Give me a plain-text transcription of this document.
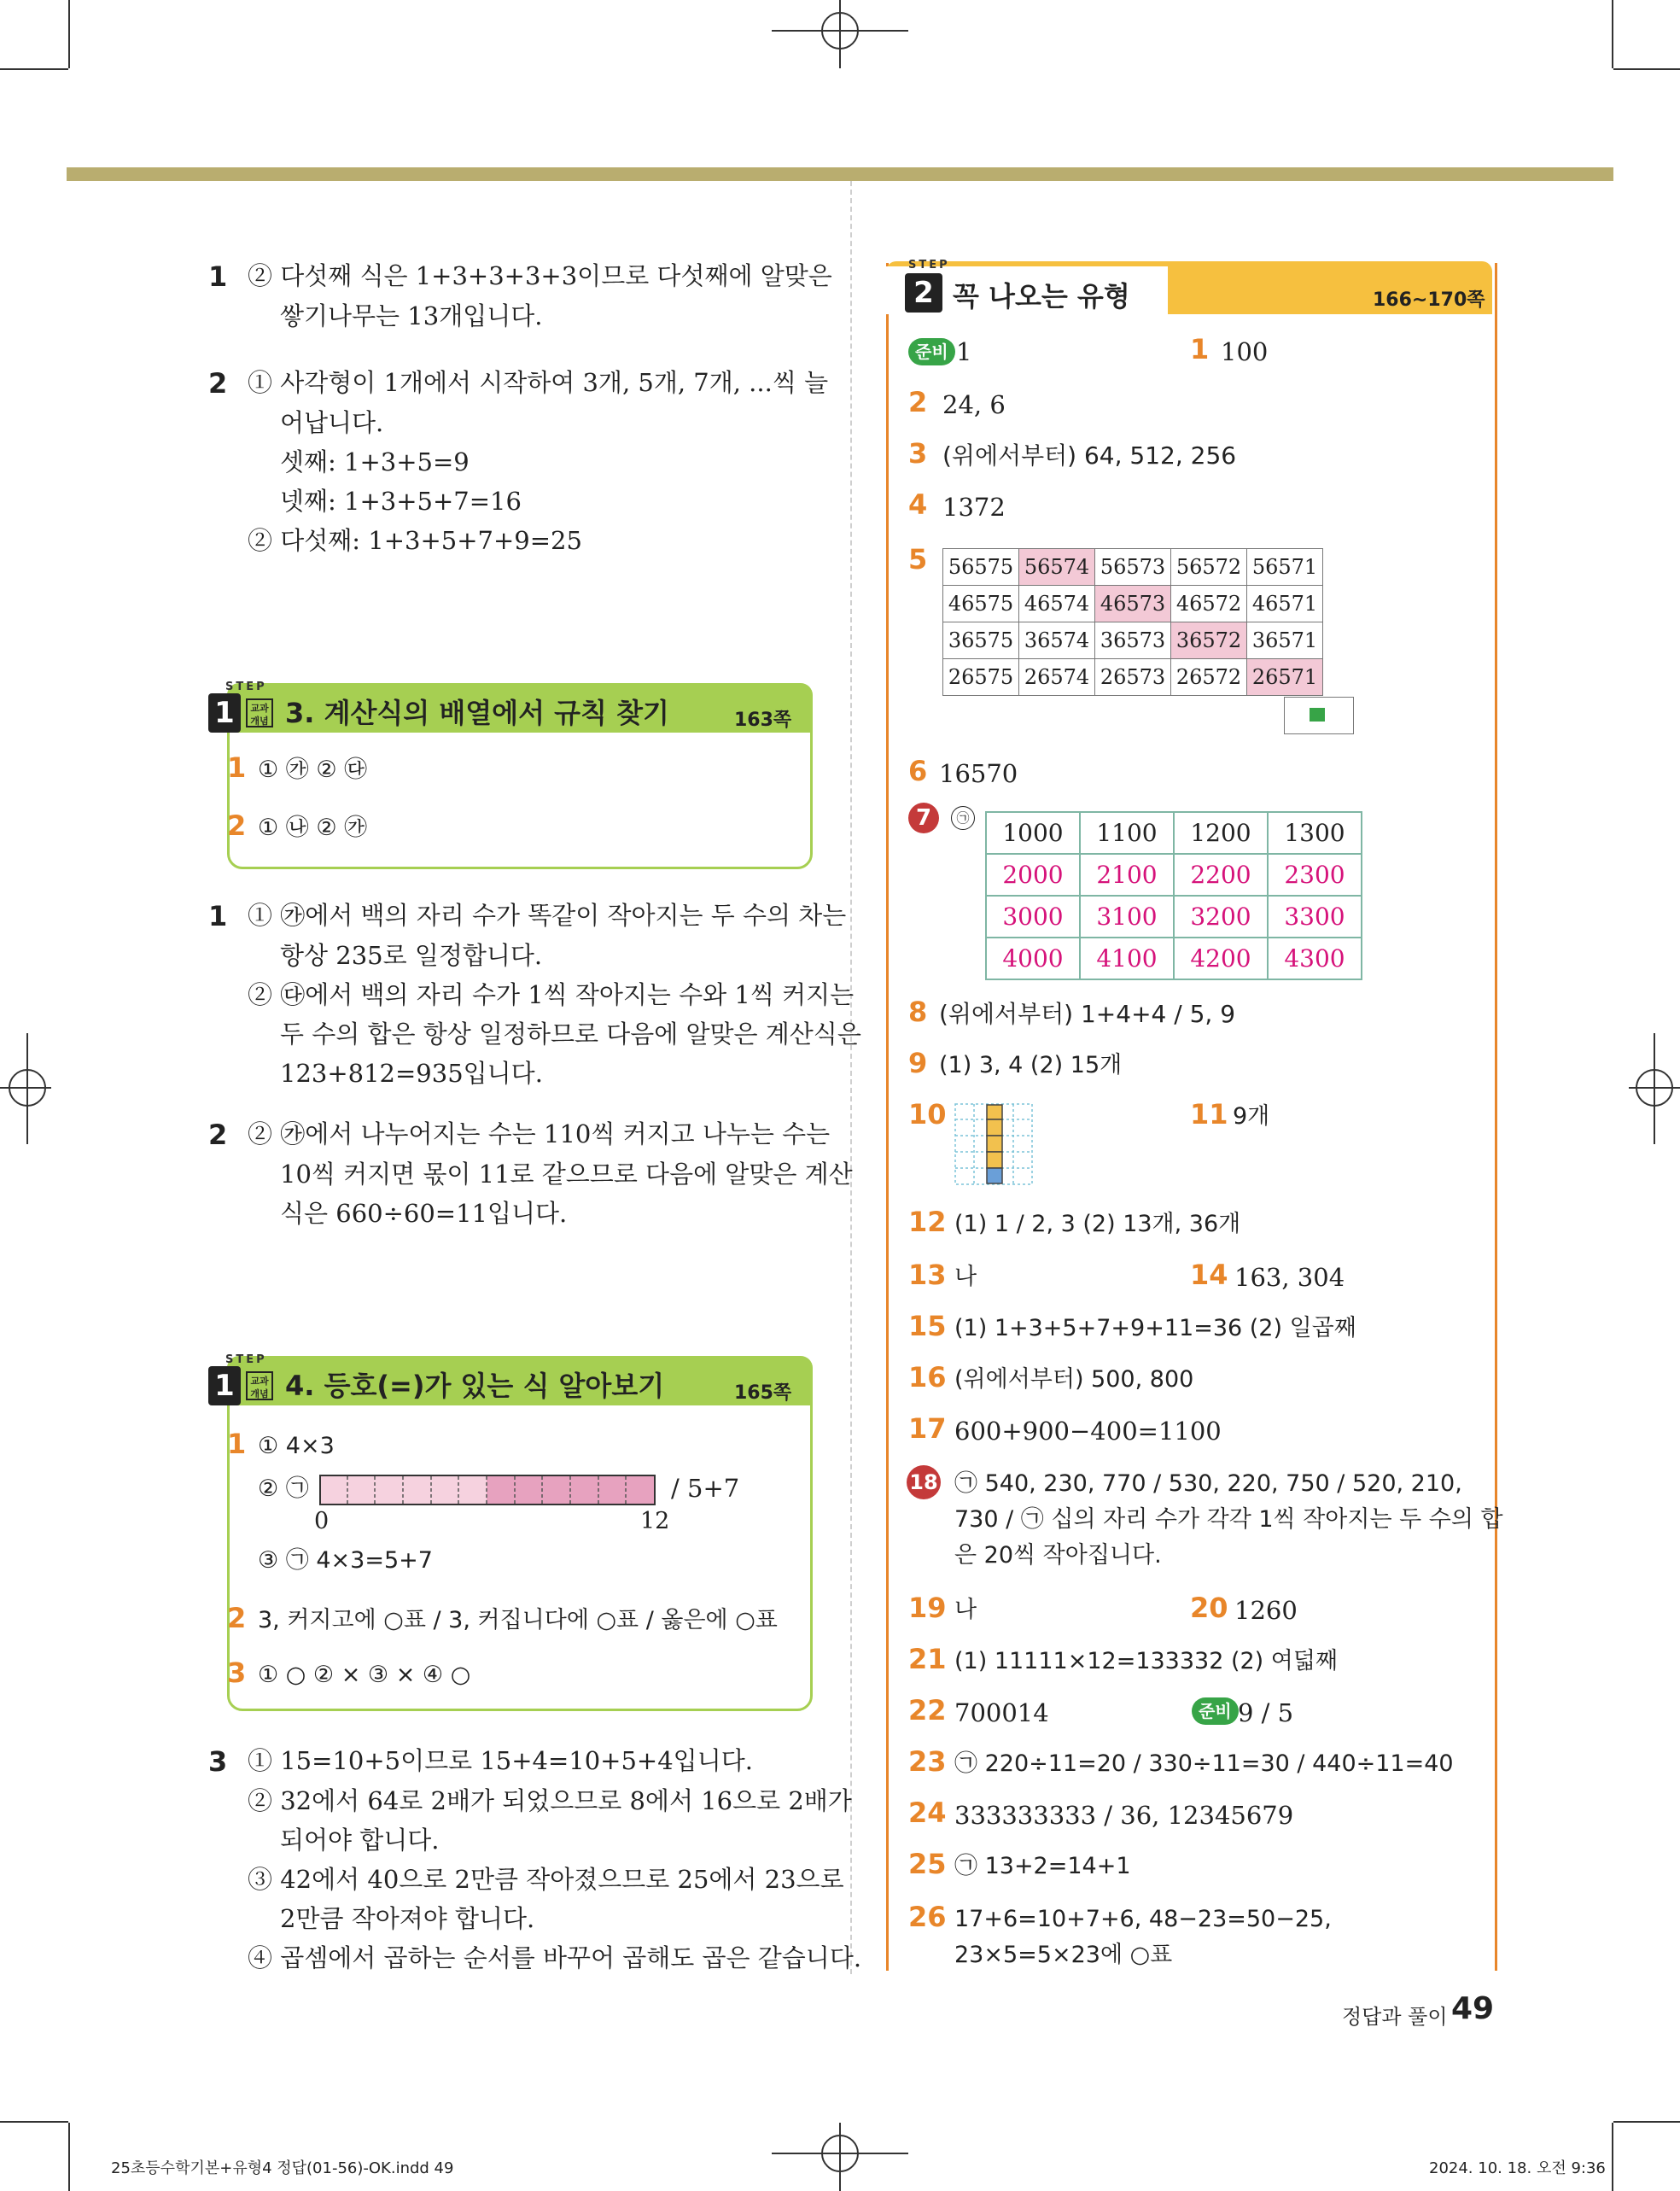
1 ② 다섯째 식은 1+3+3+3+3이므로 다섯째에 알맞은
쌓기나무는 13개입니다.
2 ① 사각형이 1개에서 시작하여 3개, 5개, 7개, ...씩 늘
어납니다.
셋째: 1+3+5=9
넷째: 1+3+5+7=16
② 다섯째: 1+3+5+7+9=25
STEP
1	교과 개념 3. 계산식의 배열에서 규칙 찾기	163쪽
1 ① ㉮ ② ㉰
2 ① ㉯ ② ㉮
1 ① ㉮에서 백의 자리 수가 똑같이 작아지는 두 수의 차는
항상 235로 일정합니다.
② ㉰에서 백의 자리 수가 1씩 작아지는 수와 1씩 커지는
두 수의 합은 항상 일정하므로 다음에 알맞은 계산식은
123+812=935입니다.
2 ② ㉮에서 나누어지는 수는 110씩 커지고 나누는 수는
10씩 커지면 몫이 11로 같으므로 다음에 알맞은 계산
식은 660÷60=11입니다.
STEP
1	교과 개념 4. 등호(=)가 있는 식 알아보기	165쪽
1 ① 4×3
② ㉠	/ 5+7
0	12
③ ㉠ 4×3=5+7
2 3, 커지고에 ○표 / 3, 커집니다에 ○표 / 옳은에 ○표
3 ① ○ ② × ③ × ④ ○
3 ① 15=10+5이므로 15+4=10+5+4입니다.
② 32에서 64로 2배가 되었으므로 8에서 16으로 2배가
되어야 합니다.
③ 42에서 40으로 2만큼 작아졌으므로 25에서 23으로
2만큼 작아져야 합니다.
④ 곱셈에서 곱하는 순서를 바꾸어 곱해도 곱은 같습니다.
STEP
2 꼭 나오는 유형	166~170쪽
준비 1	1 100
2 24, 6
3 (위에서부터) 64, 512, 256
4 1372
5 56575	56574	56573	56572	56571
46575	46574	46573	46572	46571
36575	36574	36573	36572	36571
26575	26574	26573	26572	26571
6 16570
7	㉠
1000	1100	1200	1300
2000	2100	2200	2300
3000	3100	3200	3300
4000	4100	4200	4300
8 (위에서부터) 1+4+4 / 5, 9
9 (1) 3, 4 (2) 15개
10	11 9개
12 (1) 1 / 2, 3 (2) 13개, 36개
13 나	14 163, 304
15 (1) 1+3+5+7+9+11=36 (2) 일곱째
16 (위에서부터) 500, 800
17 600+900−400=1100
18 ㉠ 540, 230, 770 / 530, 220, 750 / 520, 210,
730 / ㉠ 십의 자리 수가 각각 1씩 작아지는 두 수의 합
은 20씩 작아집니다.
19 나	20 1260
21 (1) 11111×12=133332 (2) 여덟째
22 700014	준비 9 / 5
23 ㉠ 220÷11=20 / 330÷11=30 / 440÷11=40
24 333333333 / 36, 12345679
25 ㉠ 13+2=14+1
26 17+6=10+7+6, 48−23=50−25,
23×5=5×23에 ○표
정답과 풀이 49
25초등수학기본+유형4 정답(01-56)-OK.indd 49	2024. 10. 18. 오전 9:36
